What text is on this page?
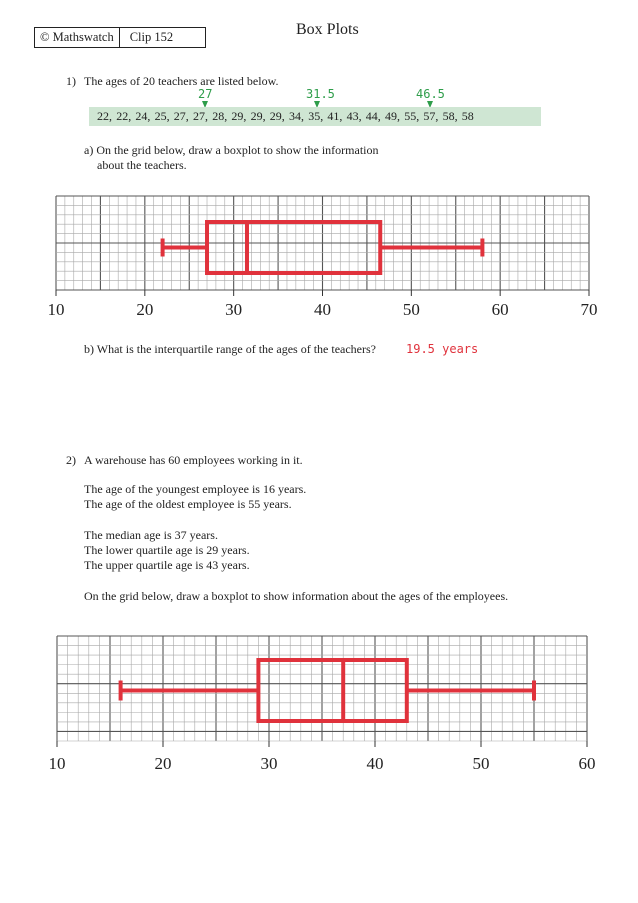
© Mathswatch	Clip 152	Box Plots
1) The ages of 20 teachers are listed below.
27	31.5	46.5
22, 22, 24, 25, 27, 27, 28, 29, 29, 29, 34, 35, 41, 43, 44, 49, 55, 57, 58, 58
a) On the grid below, draw a boxplot to show the information
about the teachers.
10	20	30	40	50	60	70
b) What is the interquartile range of the ages of the teachers?	19.5 years
2) A warehouse has 60 employees working in it.
The age of the youngest employee is 16 years.
The age of the oldest employee is 55 years.
The median age is 37 years.
The lower quartile age is 29 years.
The upper quartile age is 43 years.
On the grid below, draw a boxplot to show information about the ages of the employees.
10	20	30	40	50	60
